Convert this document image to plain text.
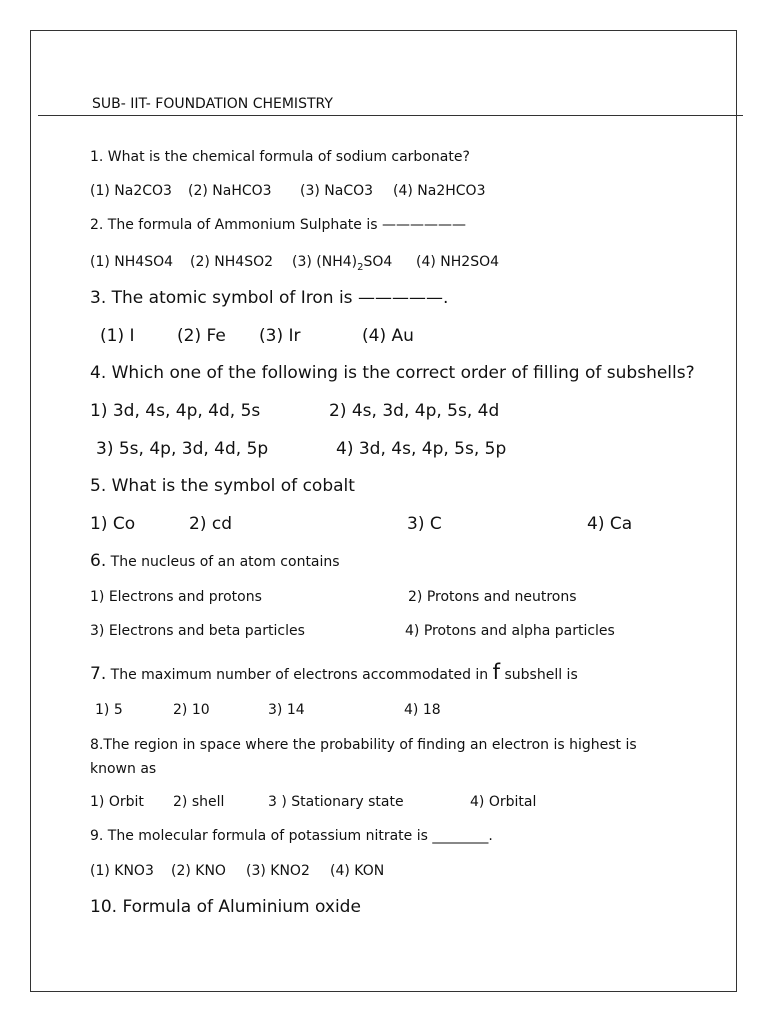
SUB- IIT- FOUNDATION CHEMISTRY
1. What is the chemical formula of sodium carbonate?
(1) Na2CO3 (2) NaHCO3 (3) NaCO3 (4) Na2HCO3
2. The formula of Ammonium Sulphate is ——————
(1) NH4SO4 (2) NH4SO2 (3) $(NH4)_2SO4$ (4) NH2SO4
3. The atomic symbol of Iron is —————.
(1) I	(2) Fe (3) Ir	(4) Au
4. Which one of the following is the correct order of filling of subshells?
1) 3d, 4s, 4p, 4d, 5s	2) 4s, 3d, 4p, 5s, 4d
3) 5s, 4p, 3d, 4d, 5p	4) 3d, 4s, 4p, 5s, 5p
5. What is the symbol of cobalt
1) Co	2) cd	3) C	4) Ca
6. The nucleus of an atom contains
1) Electrons and protons	2) Protons and neutrons
3) Electrons and beta particles	4) Protons and alpha particles
7. The maximum number of electrons accommodated in f subshell is
1) 5	2) 10	3) 14	4) 18
8.The region in space where the probability of finding an electron is highest is
known as
1) Orbit 2) shell	3 ) Stationary state	4) Orbital
9. The molecular formula of potassium nitrate is ________.
(1) KNO3 (2) KNO (3) KNO2 (4) KON
10. Formula of Aluminium oxide
